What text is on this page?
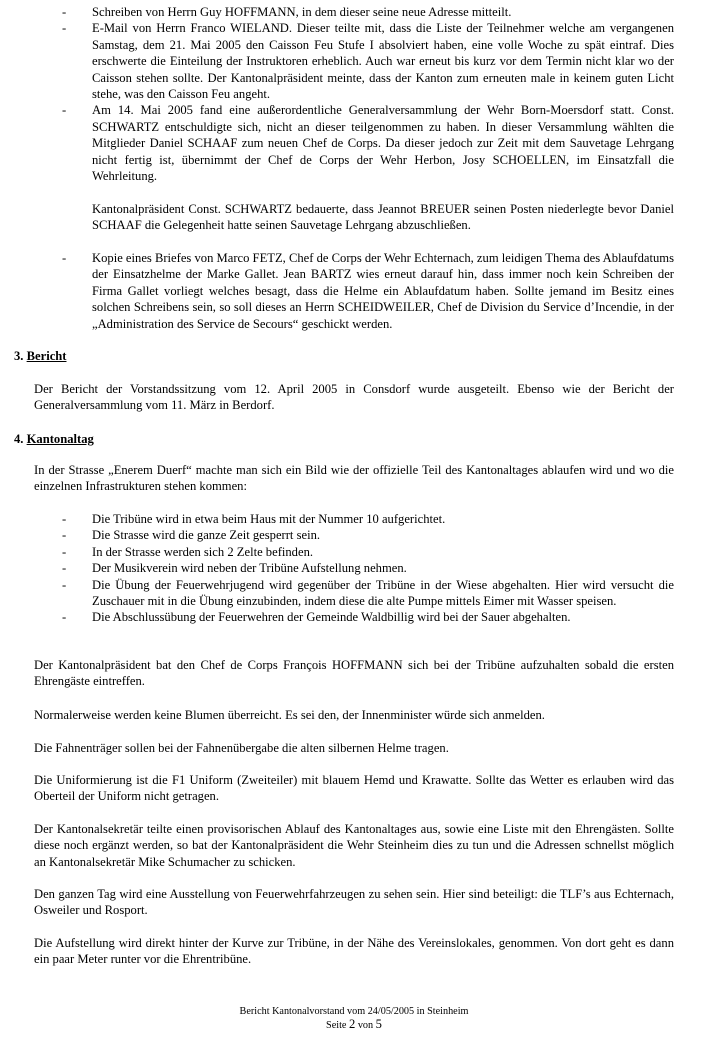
-	Schreiben von Herrn Guy HOFFMANN, in dem dieser seine neue Adresse mitteilt.
-	E-Mail von Herrn Franco WIELAND. Dieser teilte mit, dass die Liste der Teilnehmer welche am vergangenen Samstag, dem 21. Mai 2005 den Caisson Feu Stufe I absolviert haben, eine volle Woche zu spät eintraf. Dies erschwerte die Einteilung der Instruktoren erheblich. Auch war erneut bis kurz vor dem Termin nicht klar wo der Caisson stehen sollte. Der Kantonalpräsident meinte, dass der Kanton zum erneuten male in keinem guten Licht stehe, was den Caisson Feu angeht.
-	Am 14. Mai 2005 fand eine außerordentliche Generalversammlung der Wehr Born-Moersdorf statt. Const. SCHWARTZ entschuldigte sich, nicht an dieser teilgenommen zu haben. In dieser Versammlung wählten die Mitglieder Daniel SCHAAF zum neuen Chef de Corps. Da dieser jedoch zur Zeit mit dem Sauvetage Lehrgang nicht fertig ist, übernimmt der Chef de Corps der Wehr Herbon, Josy SCHOELLEN, im Einsatzfall die Wehrleitung.
Kantonalpräsident Const. SCHWARTZ bedauerte, dass Jeannot BREUER seinen Posten niederlegte bevor Daniel SCHAAF die Gelegenheit hatte seinen Sauvetage Lehrgang abzuschließen.
-	Kopie eines Briefes von Marco FETZ, Chef de Corps der Wehr Echternach, zum leidigen Thema des Ablaufdatums der Einsatzhelme der Marke Gallet. Jean BARTZ wies erneut darauf hin, dass immer noch kein Schreiben der Firma Gallet vorliegt welches besagt, dass die Helme ein Ablaufdatum haben. Sollte jemand im Besitz eines solchen Schreibens sein, so soll dieses an Herrn SCHEIDWEILER, Chef de Division du Service d’Incendie, in der „Administration des Service de Secours“ geschickt werden.
3. Bericht

Der Bericht der Vorstandssitzung vom 12. April 2005 in Consdorf wurde ausgeteilt. Ebenso wie der Bericht der Generalversammlung vom 11. März in Berdorf.

4. Kantonaltag

In der Strasse „Enerem Duerf“ machte man sich ein Bild wie der offizielle Teil des Kantonaltages ablaufen wird und wo die einzelnen Infrastrukturen stehen kommen:

-	Die Tribüne wird in etwa beim Haus mit der Nummer 10 aufgerichtet.
-	Die Strasse wird die ganze Zeit gesperrt sein.
-	In der Strasse werden sich 2 Zelte befinden.
-	Der Musikverein wird neben der Tribüne Aufstellung nehmen.
-	Die Übung der Feuerwehrjugend wird gegenüber der Tribüne in der Wiese abgehalten. Hier wird versucht die Zuschauer mit in die Übung einzubinden, indem diese die alte Pumpe mittels Eimer mit Wasser speisen.
-	Die Abschlussübung der Feuerwehren der Gemeinde Waldbillig wird bei der Sauer abgehalten.

Der Kantonalpräsident bat den Chef de Corps François HOFFMANN sich bei der Tribüne aufzuhalten sobald die ersten Ehrengäste eintreffen.

Normalerweise werden keine Blumen überreicht. Es sei den, der Innenminister würde sich anmelden.

Die Fahnenträger sollen bei der Fahnenübergabe die alten silbernen Helme tragen.

Die Uniformierung ist die F1 Uniform (Zweiteiler) mit blauem Hemd und Krawatte. Sollte das Wetter es erlauben wird das Oberteil der Uniform nicht getragen.

Der Kantonalsekretär teilte einen provisorischen Ablauf des Kantonaltages aus, sowie eine Liste mit den Ehrengästen. Sollte diese noch ergänzt werden, so bat der Kantonalpräsident die Wehr Steinheim dies zu tun und die Adressen schnellst möglich an Kantonalsekretär Mike Schumacher zu schicken.

Den ganzen Tag wird eine Ausstellung von Feuerwehrfahrzeugen zu sehen sein. Hier sind beteiligt: die TLF’s aus Echternach, Osweiler und Rosport.

Die Aufstellung wird direkt hinter der Kurve zur Tribüne, in der Nähe des Vereinslokales, genommen. Von dort geht es dann ein paar Meter runter vor die Ehrentribüne.

Bericht Kantonalvorstand vom 24/05/2005 in Steinheim
Seite 2 von 5
